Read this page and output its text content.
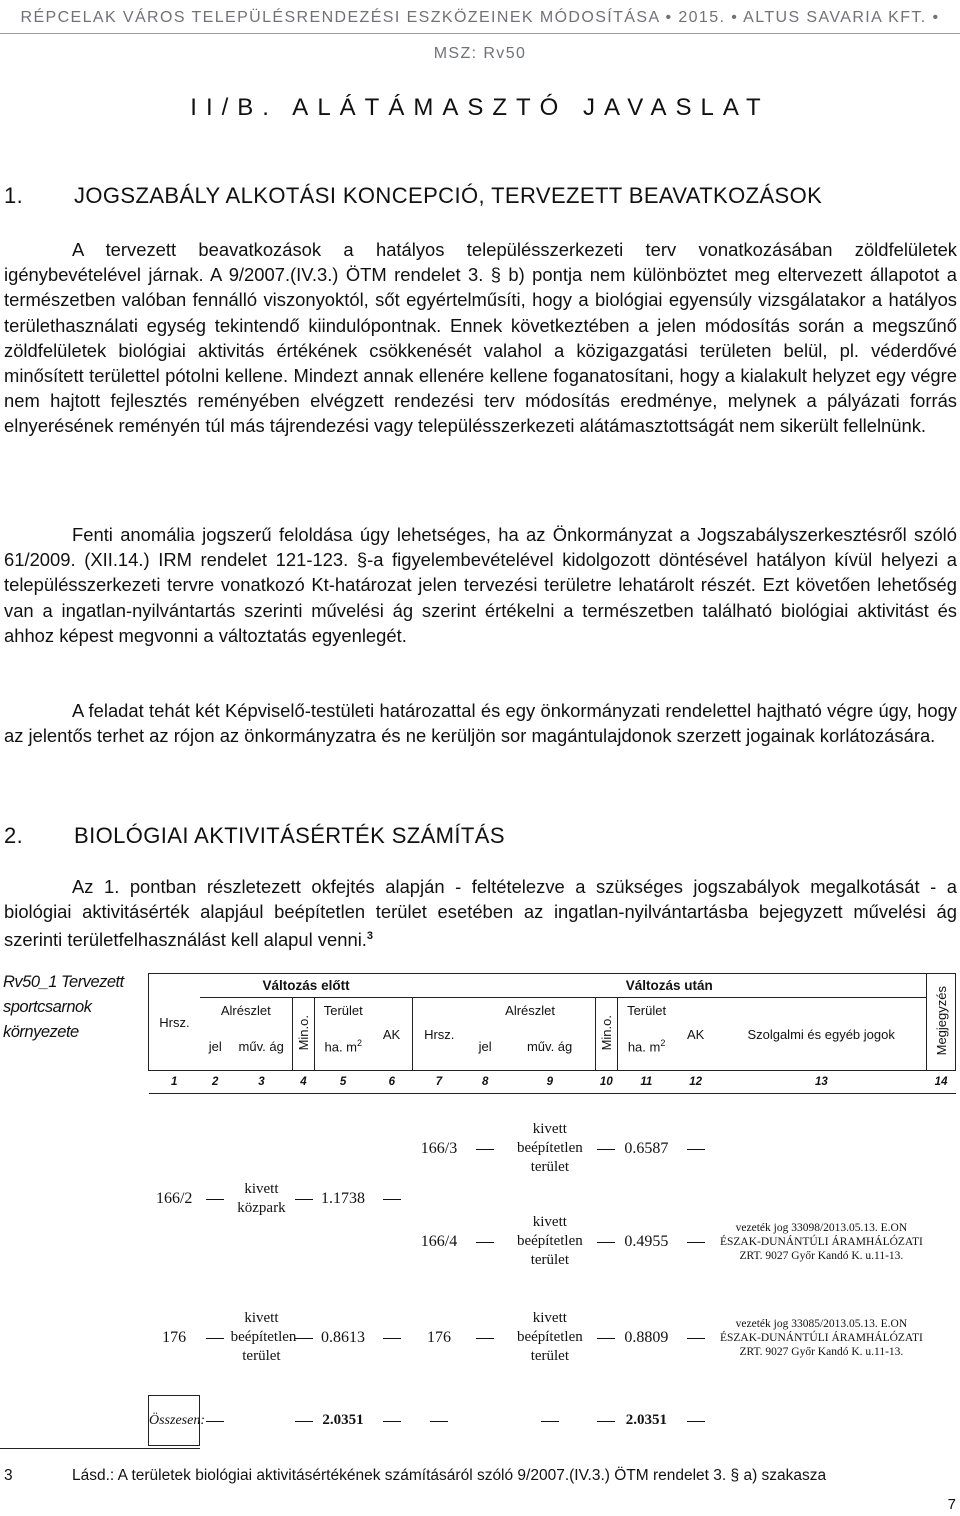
RÉPCELAK VÁROS TELEPÜLÉSRENDEZÉSI ESZKÖZEINEK MÓDOSÍTÁSA • 2015. • ALTUS SAVARIA KFT. • MSZ: Rv50
II/B. ALÁTÁMASZTÓ JAVASLAT
1. JOGSZABÁLY ALKOTÁSI KONCEPCIÓ, TERVEZETT BEAVATKOZÁSOK
A tervezett beavatkozások a hatályos településszerkezeti terv vonatkozásában zöldfelületek igénybevételével járnak. A 9/2007.(IV.3.) ÖTM rendelet 3. § b) pontja nem különböztet meg eltervezett állapotot a természetben valóban fennálló viszonyoktól, sőt egyértelműsíti, hogy a biológiai egyensúly vizsgálatakor a hatályos területhasználati egység tekintendő kiindulópontnak. Ennek következtében a jelen módosítás során a megszűnő zöldfelületek biológiai aktivitás értékének csökkenését valahol a közigazgatási területen belül, pl. véderdővé minősített területtel pótolni kellene. Mindezt annak ellenére kellene foganatosítani, hogy a kialakult helyzet egy végre nem hajtott fejlesztés reményében elvégzett rendezési terv módosítás eredménye, melynek a pályázati forrás elnyerésének reményén túl más tájrendezési vagy településszerkezeti alátámasztottságát nem sikerült fellelnünk.
Fenti anomália jogszerű feloldása úgy lehetséges, ha az Önkormányzat a Jogszabályszerkesztésről szóló 61/2009. (XII.14.) IRM rendelet 121-123. §-a figyelembevételével kidolgozott döntésével hatályon kívül helyezi a településszerkezeti tervre vonatkozó Kt-határozat jelen tervezési területre lehatárolt részét. Ezt követően lehetőség van a ingatlan-nyilvántartás szerinti művelési ág szerint értékelni a természetben található biológiai aktivitást és ahhoz képest megvonni a változtatás egyenlegét.
A feladat tehát két Képviselő-testületi határozattal és egy önkormányzati rendelettel hajtható végre úgy, hogy az jelentős terhet az rójon az önkormányzatra és ne kerüljön sor magántulajdonok szerzett jogainak korlátozására.
2. BIOLÓGIAI AKTIVITÁSÉRTÉK SZÁMÍTÁS
Az 1. pontban részletezett okfejtés alapján - feltételezve a szükséges jogszabályok megalkotását - a biológiai aktivitásérték alapjául beépítetlen terület esetében az ingatlan-nyilvántartásba bejegyzett művelési ág szerinti területfelhasználást kell alapul venni.$^3$
Rv50_1 Tervezett sportcsarnok környezete
Hrsz.	Változás előtt					Változás után							Megjegyzés
	Alrészlet		Min.o.	Terület	AK	Hrsz.	Alrészlet		Min.o.	Terület	AK	Szolgalmi és egyéb jogok	
	jel	műv. ág		ha. $m^2$			jel	műv. ág		ha. $m^2$
1	2	3	4	5	6	7	8	9	10	11	12	13	14

166/2		kivett közpark		1.1738		166/3		kivett beépítetlen terület		0.6587			
						166/4		kivett beépítetlen terület		0.4955		vezeték jog 33098/2013.05.13. E.ON ÉSZAK-DUNÁNTÚLI ÁRAMHÁLÓZATI ZRT. 9027 Győr Kandó K. u.11-13.	
176		kivett beépítetlen terület		0.8613		176		kivett beépítetlen terület		0.8809		vezeték jog 33085/2013.05.13. E.ON ÉSZAK-DUNÁNTÚLI ÁRAMHÁLÓZATI ZRT. 9027 Győr Kandó K. u.11-13.	

Összesen:				2.0351						2.0351			
3	Lásd.: A területek biológiai aktivitásértékének számításáról szóló 9/2007.(IV.3.) ÖTM rendelet 3. § a) szakasza
7
